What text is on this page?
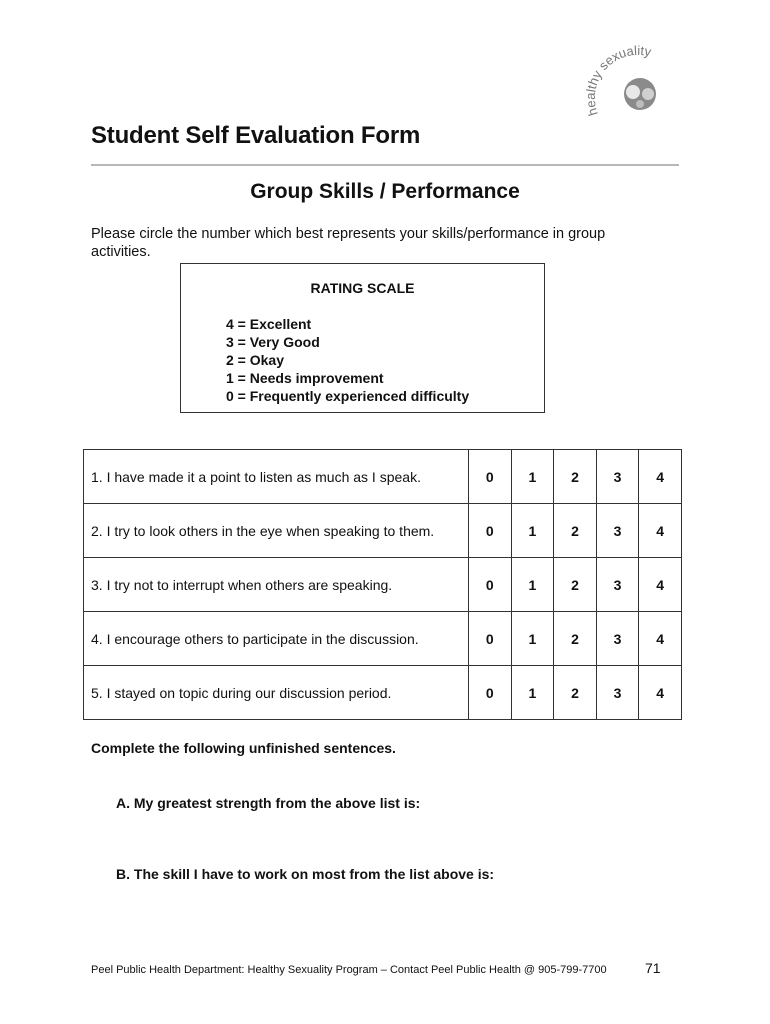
healthy sexuality
Student Self Evaluation Form
Group Skills / Performance
Please circle the number which best represents your skills/performance in group activities.
RATING SCALE
4 = Excellent
3 = Very Good
2 = Okay
1 = Needs improvement
0 = Frequently experienced difficulty
1. I have made it a point to listen as much as I speak.	0	1	2	3	4
2. I try to look others in the eye when speaking to them.	0	1	2	3	4
3. I try not to interrupt when others are speaking.	0	1	2	3	4
4. I encourage others to participate in the discussion.	0	1	2	3	4
5. I stayed on topic during our discussion period.	0	1	2	3	4
Complete the following unfinished sentences.
A. My greatest strength from the above list is:
B. The skill I have to work on most from the list above is:
Peel Public Health Department: Healthy Sexuality Program – Contact Peel Public Health @ 905-799-7700	71
